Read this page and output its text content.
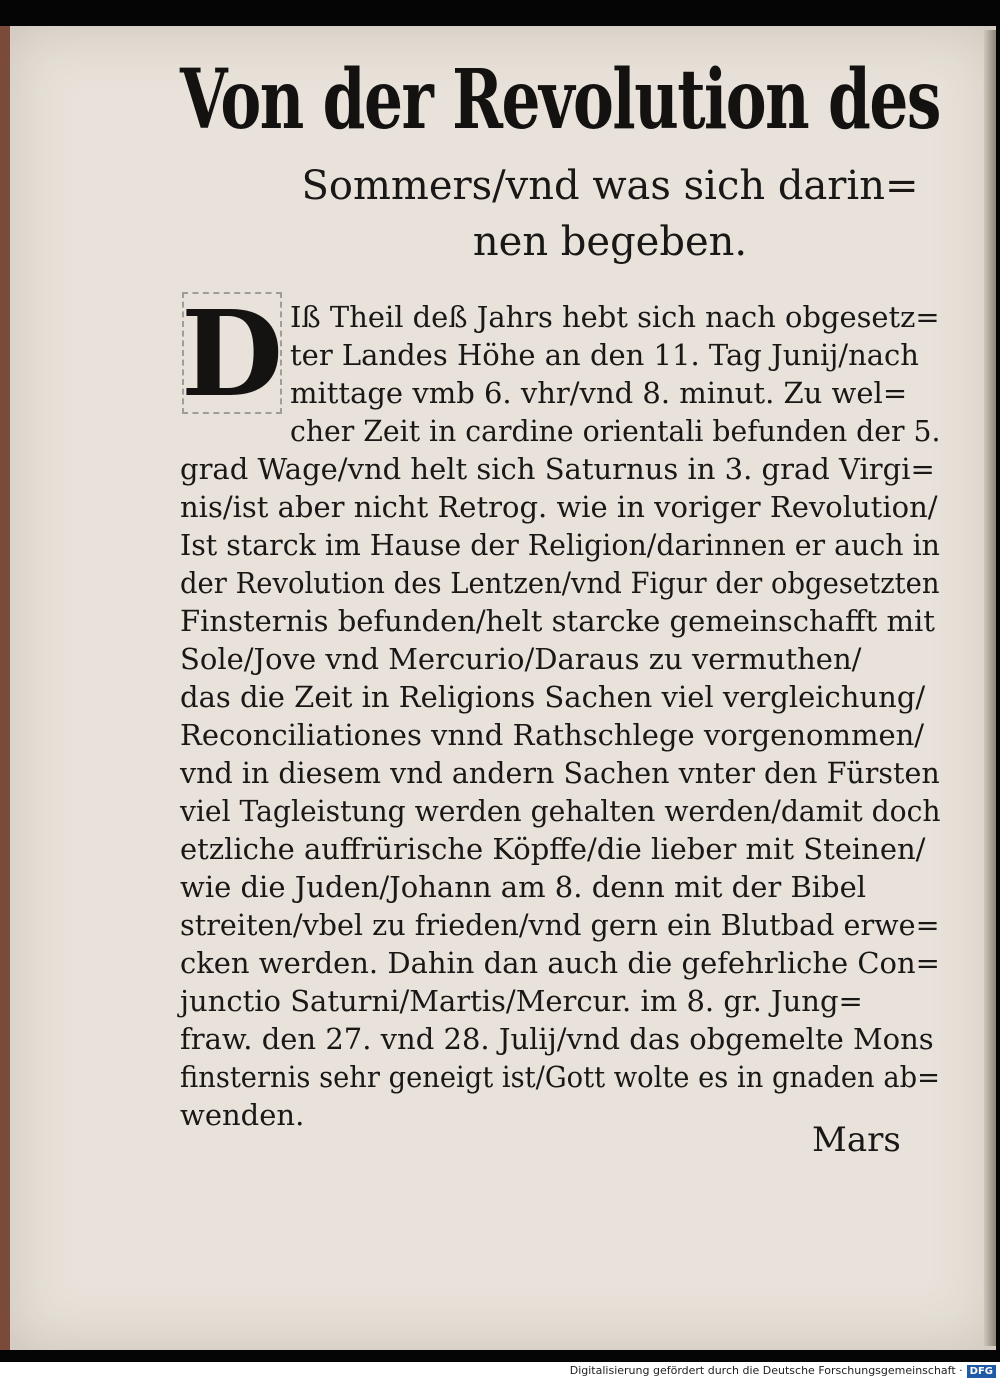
Von der Revolution des
Sommers/vnd was sich darin=
nen begeben.
D Iß Theil deß Jahrs hebt sich nach obgesetz=
ter Landes Höhe an den 11. Tag Junij/nach
mittage vmb 6. vhr/vnd 8. minut. Zu wel=
cher Zeit in cardine orientali befunden der 5.
grad Wage/vnd helt sich Saturnus in 3. grad Virgi=
nis/ist aber nicht Retrog. wie in voriger Revolution/
Ist starck im Hause der Religion/darinnen er auch in
der Revolution des Lentzen/vnd Figur der obgesetzten
Finsternis befunden/helt starcke gemeinschafft mit
Sole/Jove vnd Mercurio/Daraus zu vermuthen/
das die Zeit in Religions Sachen viel vergleichung/
Reconciliationes vnnd Rathschlege vorgenommen/
vnd in diesem vnd andern Sachen vnter den Fürsten
viel Tagleistung werden gehalten werden/damit doch
etzliche auffrürische Köpffe/die lieber mit Steinen/
wie die Juden/Johann am 8. denn mit der Bibel
streiten/vbel zu frieden/vnd gern ein Blutbad erwe=
cken werden. Dahin dan auch die gefehrliche Con=
junctio Saturni/Martis/Mercur. im 8. gr. Jung=
fraw. den 27. vnd 28. Julij/vnd das obgemelte Mons
finsternis sehr geneigt ist/Gott wolte es in gnaden ab=
wenden.
Mars
Digitalisierung gefördert durch die Deutsche Forschungsgemeinschaft · DFG
